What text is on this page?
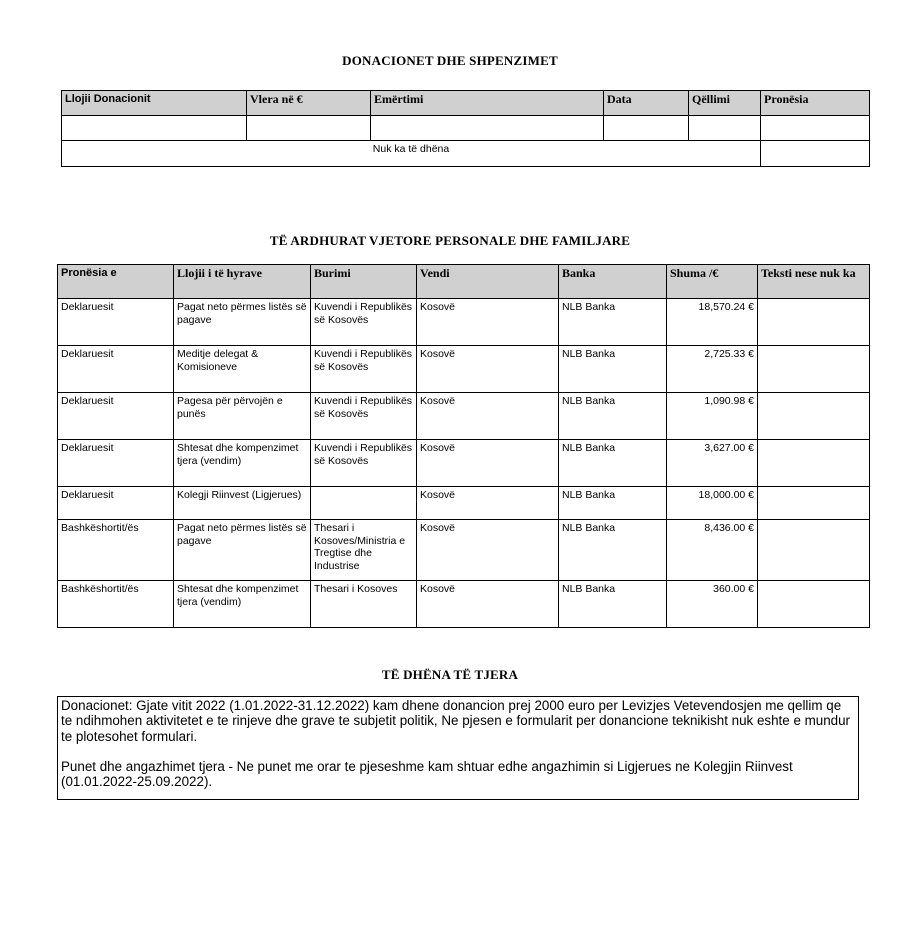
DONACIONET DHE SHPENZIMET
Llojii Donacionit	Vlera në €	Emërtimi	Data	Qëllimi	Pronësia

Nuk ka të dhëna					
TË ARDHURAT VJETORE PERSONALE DHE FAMILJARE
Pronësia e	Llojii i të hyrave	Burimi	Vendi	Banka	Shuma /€	Teksti nese nuk ka
Deklaruesit	Pagat neto përmes listës së pagave	Kuvendi i Republikës së Kosovës	Kosovë	NLB Banka	18,570.24 €	
Deklaruesit	Meditje delegat & Komisioneve	Kuvendi i Republikës së Kosovës	Kosovë	NLB Banka	2,725.33 €	
Deklaruesit	Pagesa për përvojën e punës	Kuvendi i Republikës së Kosovës	Kosovë	NLB Banka	1,090.98 €	
Deklaruesit	Shtesat dhe kompenzimet tjera (vendim)	Kuvendi i Republikës së Kosovës	Kosovë	NLB Banka	3,627.00 €	
Deklaruesit	Kolegji Riinvest (Ligjerues)		Kosovë	NLB Banka	18,000.00 €	
Bashkëshortit/ës	Pagat neto përmes listës së pagave	Thesari i Kosoves/Ministria e Tregtise dhe Industrise	Kosovë	NLB Banka	8,436.00 €	
Bashkëshortit/ës	Shtesat dhe kompenzimet tjera (vendim)	Thesari i Kosoves	Kosovë	NLB Banka	360.00 €	
TË DHËNA TË TJERA

Donacionet: Gjate vitit 2022 (1.01.2022-31.12.2022) kam dhene donancion prej 2000 euro per Levizjes Vetevendosjen me qellim qe te ndihmohen aktivitetet e te rinjeve dhe grave te subjetit politik, Ne pjesen e formularit per donancione teknikisht nuk eshte e mundur te plotesohet formulari.

Punet dhe angazhimet tjera - Ne punet me orar te pjeseshme kam shtuar edhe angazhimin si Ligjerues ne Kolegjin Riinvest (01.01.2022-25.09.2022).
